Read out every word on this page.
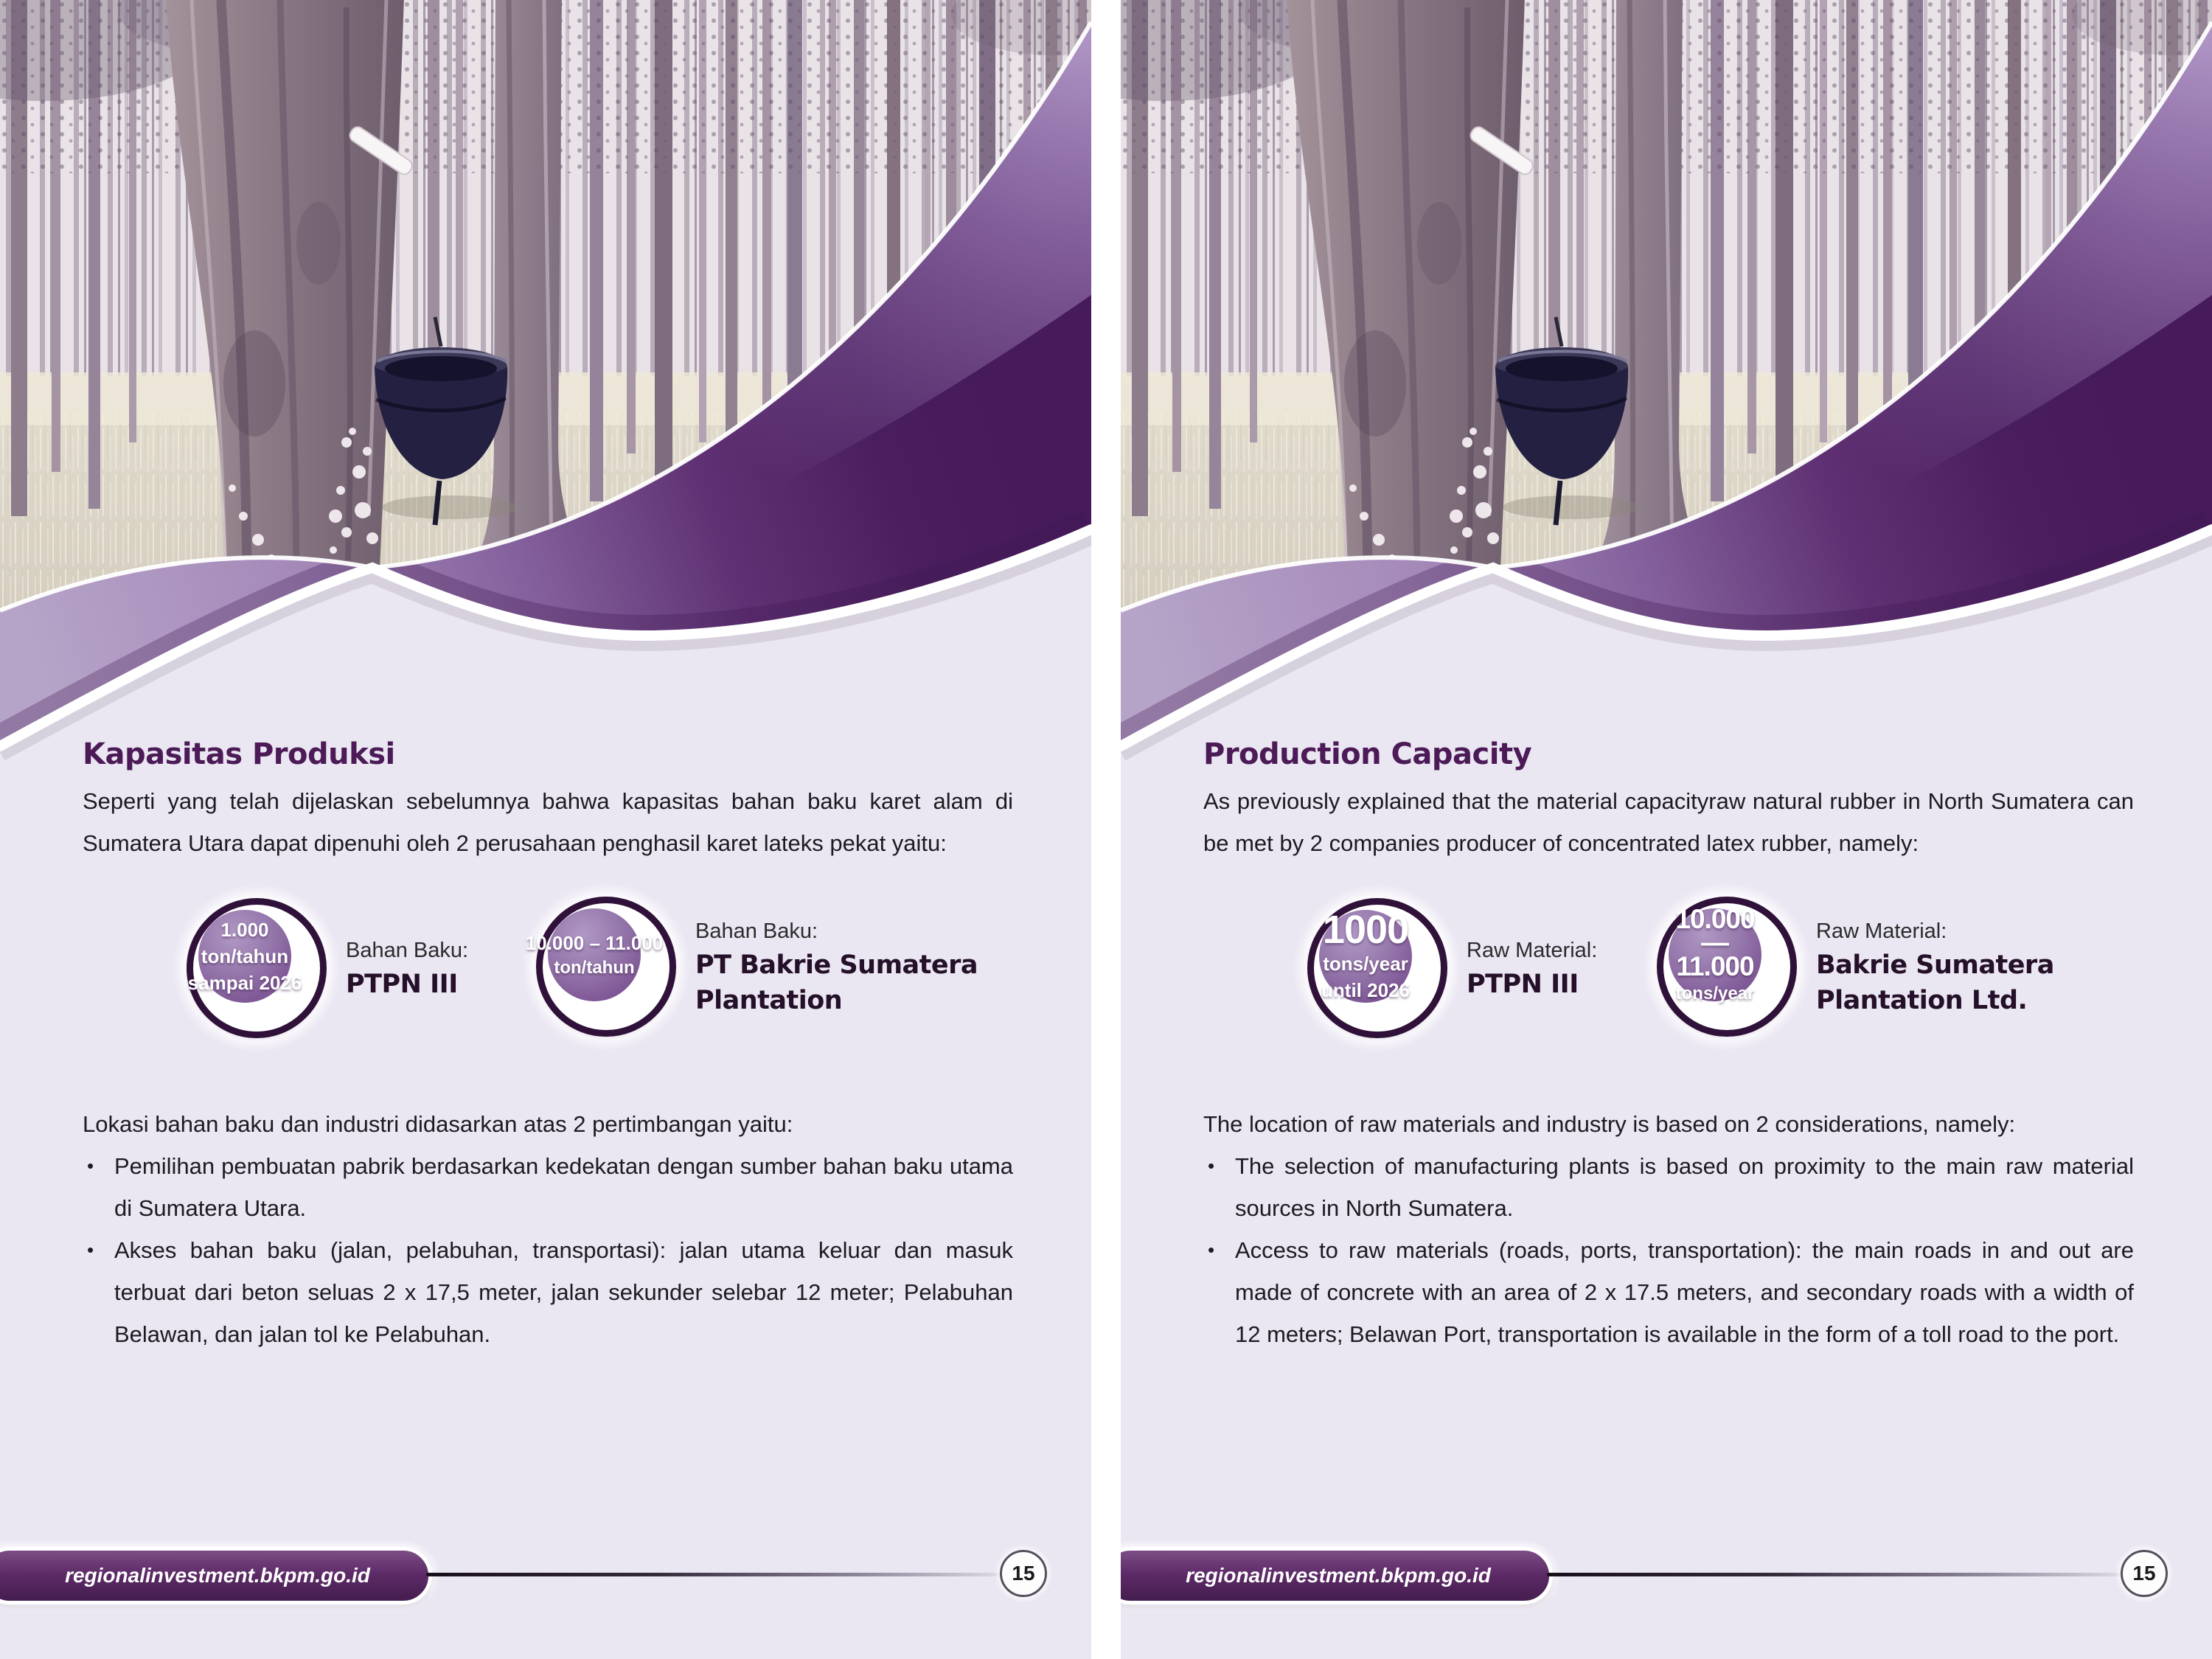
Kapasitas Produksi

Seperti yang telah dijelaskan sebelumnya bahwa kapasitas bahan baku karet alam di Sumatera Utara dapat dipenuhi oleh 2 perusahaan penghasil karet lateks pekat yaitu:

1.000
ton/tahun
sampai 2026
Bahan Baku:
PTPN III
10.000 – 11.000
ton/tahun
Bahan Baku:
PT Bakrie Sumatera
Plantation

Lokasi bahan baku dan industri didasarkan atas 2 pertimbangan yaitu:

• Pemilihan pembuatan pabrik berdasarkan kedekatan dengan sumber bahan baku utama di Sumatera Utara.
• Akses bahan baku (jalan, pelabuhan, transportasi): jalan utama keluar dan masuk terbuat dari beton seluas 2 x 17,5 meter, jalan sekunder selebar 12 meter; Pelabuhan Belawan, dan jalan tol ke Pelabuhan.
regionalinvestment.bkpm.go.id	15
Production Capacity

As previously explained that the material capacityraw natural rubber in North Sumatera can be met by 2 companies producer of concentrated latex rubber, namely:

1000
tons/year
until 2026
Raw Material:
PTPN III
10.000
—
11.000
tons/year
Raw Material:
Bakrie Sumatera
Plantation Ltd.

The location of raw materials and industry is based on 2 considerations, namely:

• The selection of manufacturing plants is based on proximity to the main raw material sources in North Sumatera.
• Access to raw materials (roads, ports, transportation): the main roads in and out are made of concrete with an area of 2 x 17.5 meters, and secondary roads with a width of 12 meters; Belawan Port, transportation is available in the form of a toll road to the port.
regionalinvestment.bkpm.go.id	15
